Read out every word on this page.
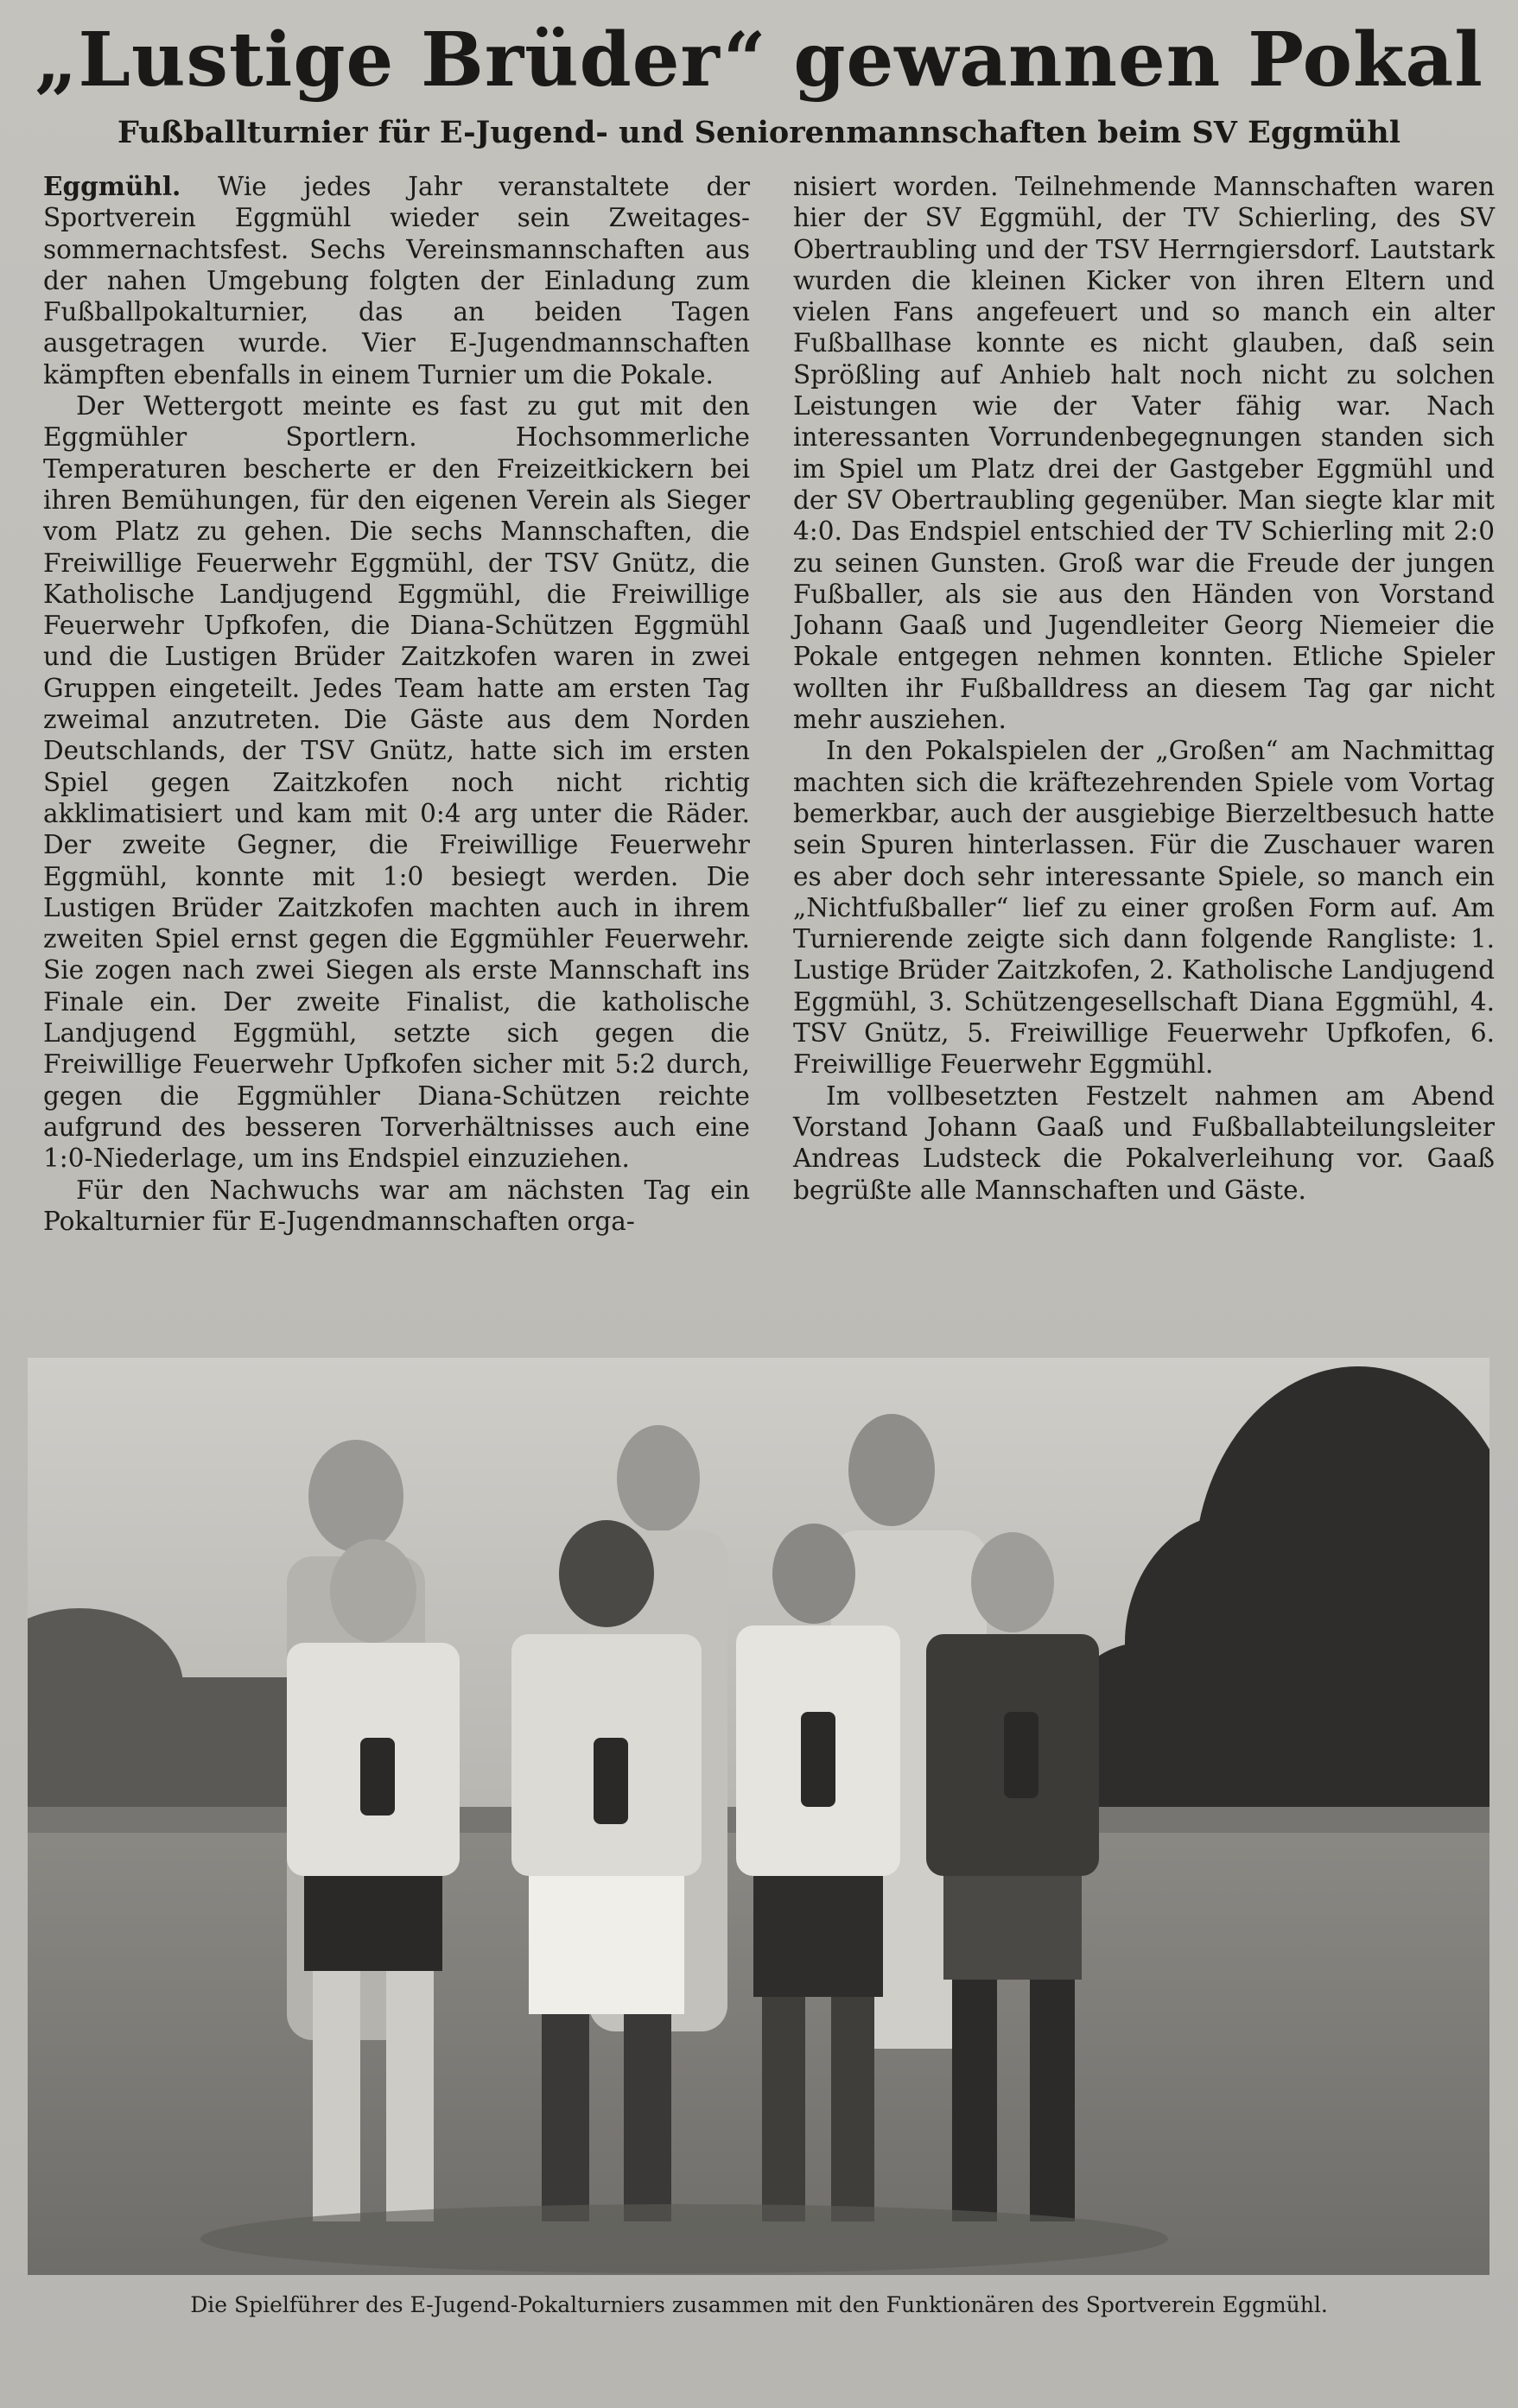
„Lustige Brüder“ gewannen Pokal
Fußballturnier für E-Jugend- und Seniorenmannschaften beim SV Eggmühl

Eggmühl. Wie jedes Jahr veranstaltete der Sportverein Eggmühl wieder sein Zweitages-sommernachtsfest. Sechs Vereinsmannschaften aus der nahen Umgebung folgten der Einladung zum Fußballpokalturnier, das an beiden Tagen ausgetragen wurde. Vier E-Jugendmannschaften kämpften ebenfalls in einem Turnier um die Pokale.

Der Wettergott meinte es fast zu gut mit den Eggmühler Sportlern. Hochsommerliche Temperaturen bescherte er den Freizeitkickern bei ihren Bemühungen, für den eigenen Verein als Sieger vom Platz zu gehen. Die sechs Mannschaften, die Freiwillige Feuerwehr Eggmühl, der TSV Gnütz, die Katholische Landjugend Eggmühl, die Freiwillige Feuerwehr Upfkofen, die Diana-Schützen Eggmühl und die Lustigen Brüder Zaitzkofen waren in zwei Gruppen eingeteilt. Jedes Team hatte am ersten Tag zweimal anzutreten. Die Gäste aus dem Norden Deutschlands, der TSV Gnütz, hatte sich im ersten Spiel gegen Zaitzkofen noch nicht richtig akklimatisiert und kam mit 0:4 arg unter die Räder. Der zweite Gegner, die Freiwillige Feuerwehr Eggmühl, konnte mit 1:0 besiegt werden. Die Lustigen Brüder Zaitzkofen machten auch in ihrem zweiten Spiel ernst gegen die Eggmühler Feuerwehr. Sie zogen nach zwei Siegen als erste Mannschaft ins Finale ein. Der zweite Finalist, die katholische Landjugend Eggmühl, setzte sich gegen die Freiwillige Feuerwehr Upfkofen sicher mit 5:2 durch, gegen die Eggmühler Diana-Schützen reichte aufgrund des besseren Torverhältnisses auch eine 1:0-Niederlage, um ins Endspiel einzuziehen.

Für den Nachwuchs war am nächsten Tag ein Pokalturnier für E-Jugendmannschaften orga-

nisiert worden. Teilnehmende Mannschaften waren hier der SV Eggmühl, der TV Schierling, des SV Obertraubling und der TSV Herrngiersdorf. Lautstark wurden die kleinen Kicker von ihren Eltern und vielen Fans angefeuert und so manch ein alter Fußballhase konnte es nicht glauben, daß sein Sprößling auf Anhieb halt noch nicht zu solchen Leistungen wie der Vater fähig war. Nach interessanten Vorrundenbegegnungen standen sich im Spiel um Platz drei der Gastgeber Eggmühl und der SV Obertraubling gegenüber. Man siegte klar mit 4:0. Das Endspiel entschied der TV Schierling mit 2:0 zu seinen Gunsten. Groß war die Freude der jungen Fußballer, als sie aus den Händen von Vorstand Johann Gaaß und Jugendleiter Georg Niemeier die Pokale entgegen nehmen konnten. Etliche Spieler wollten ihr Fußballdress an diesem Tag gar nicht mehr ausziehen.

In den Pokalspielen der „Großen“ am Nachmittag machten sich die kräftezehrenden Spiele vom Vortag bemerkbar, auch der ausgiebige Bierzeltbesuch hatte sein Spuren hinterlassen. Für die Zuschauer waren es aber doch sehr interessante Spiele, so manch ein „Nichtfußballer“ lief zu einer großen Form auf. Am Turnierende zeigte sich dann folgende Rangliste: 1. Lustige Brüder Zaitzkofen, 2. Katholische Landjugend Eggmühl, 3. Schützengesellschaft Diana Eggmühl, 4. TSV Gnütz, 5. Freiwillige Feuerwehr Upfkofen, 6. Freiwillige Feuerwehr Eggmühl.

Im vollbesetzten Festzelt nahmen am Abend Vorstand Johann Gaaß und Fußballabteilungsleiter Andreas Ludsteck die Pokalverleihung vor. Gaaß begrüßte alle Mannschaften und Gäste.

Die Spielführer des E-Jugend-Pokalturniers zusammen mit den Funktionären des Sportverein Eggmühl.
